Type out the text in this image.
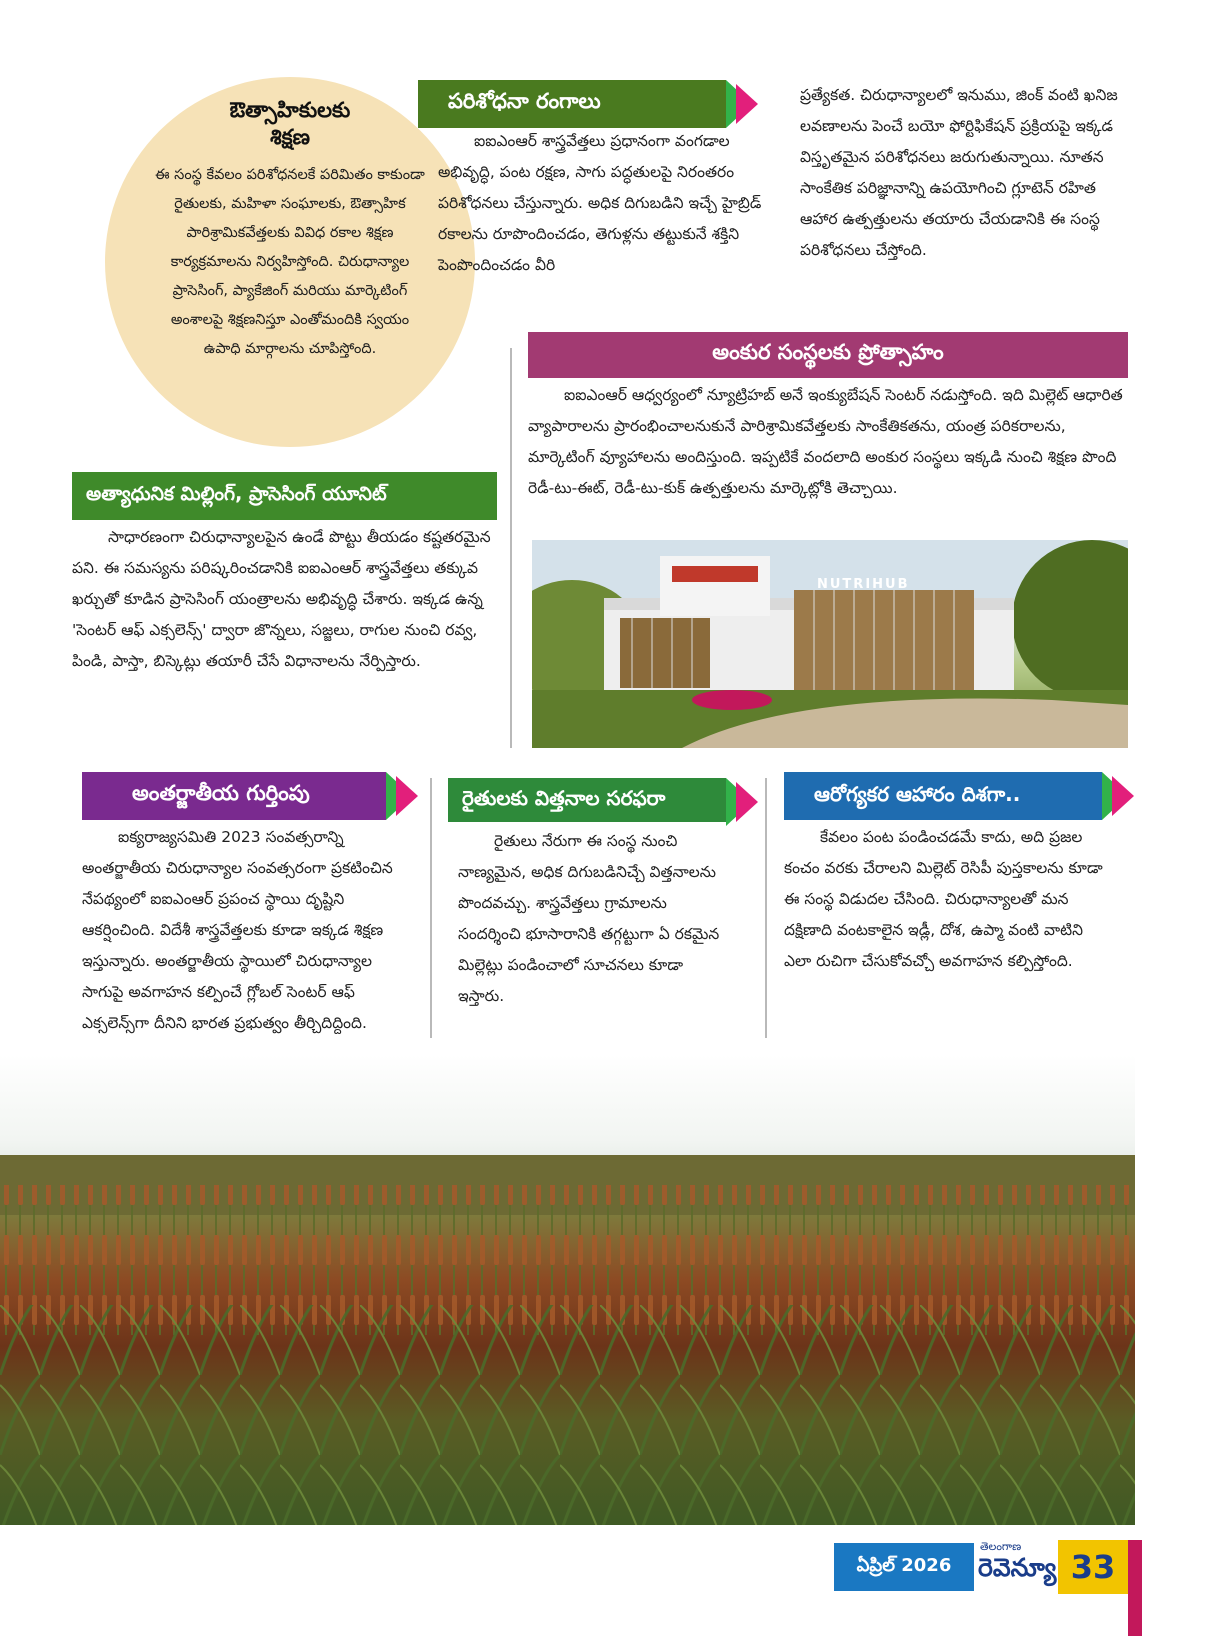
ఔత్సాహికులకు
శిక్షణ

ఈ సంస్థ కేవలం పరిశోధనలకే పరిమితం కాకుండా రైతులకు, మహిళా సంఘాలకు, ఔత్సాహిక పారిశ్రామికవేత్తలకు వివిధ రకాల శిక్షణ కార్యక్రమాలను నిర్వహిస్తోంది. చిరుధాన్యాల ప్రాసెసింగ్, ప్యాకేజింగ్ మరియు మార్కెటింగ్ అంశాలపై శిక్షణనిస్తూ ఎంతోమందికి స్వయం ఉపాధి మార్గాలను చూపిస్తోంది.

పరిశోధనా రంగాలు

ఐఐఎంఆర్ శాస్త్రవేత్తలు ప్రధానంగా వంగడాల అభివృద్ధి, పంట రక్షణ, సాగు పద్ధతులపై నిరంతరం పరిశోధనలు చేస్తున్నారు. అధిక దిగుబడిని ఇచ్చే హైబ్రిడ్ రకాలను రూపొందించడం, తెగుళ్లను తట్టుకునే శక్తిని పెంపొందించడం వీరి

ప్రత్యేకత. చిరుధాన్యాలలో ఇనుము, జింక్ వంటి ఖనిజ లవణాలను పెంచే బయో ఫోర్టిఫికేషన్ ప్రక్రియపై ఇక్కడ విస్తృతమైన పరిశోధనలు జరుగుతున్నాయి. నూతన సాంకేతిక పరిజ్ఞానాన్ని ఉపయోగించి గ్లూటెన్ రహిత ఆహార ఉత్పత్తులను తయారు చేయడానికి ఈ సంస్థ పరిశోధనలు చేస్తోంది.

అంకుర సంస్థలకు ప్రోత్సాహం

ఐఐఎంఆర్ ఆధ్వర్యంలో న్యూట్రిహబ్ అనే ఇంక్యుబేషన్ సెంటర్ నడుస్తోంది. ఇది మిల్లెట్ ఆధారిత వ్యాపారాలను ప్రారంభించాలనుకునే పారిశ్రామికవేత్తలకు సాంకేతికతను, యంత్ర పరికరాలను, మార్కెటింగ్ వ్యూహాలను అందిస్తుంది. ఇప్పటికే వందలాది అంకుర సంస్థలు ఇక్కడి నుంచి శిక్షణ పొంది రెడీ-టు-ఈట్, రెడీ-టు-కుక్ ఉత్పత్తులను మార్కెట్లోకి తెచ్చాయి.

NUTRIHUB
అత్యాధునిక మిల్లింగ్, ప్రాసెసింగ్ యూనిట్

సాధారణంగా చిరుధాన్యాలపైన ఉండే పొట్టు తీయడం కష్టతరమైన పని. ఈ సమస్యను పరిష్కరించడానికి ఐఐఎంఆర్ శాస్త్రవేత్తలు తక్కువ ఖర్చుతో కూడిన ప్రాసెసింగ్ యంత్రాలను అభివృద్ధి చేశారు. ఇక్కడ ఉన్న 'సెంటర్ ఆఫ్ ఎక్సలెన్స్' ద్వారా జొన్నలు, సజ్జలు, రాగుల నుంచి రవ్వ, పిండి, పాస్తా, బిస్కెట్లు తయారీ చేసే విధానాలను నేర్పిస్తారు.

అంతర్జాతీయ గుర్తింపు

ఐక్యరాజ్యసమితి 2023 సంవత్సరాన్ని అంతర్జాతీయ చిరుధాన్యాల సంవత్సరంగా ప్రకటించిన నేపథ్యంలో ఐఐఎంఆర్ ప్రపంచ స్థాయి దృష్టిని ఆకర్షించింది. విదేశీ శాస్త్రవేత్తలకు కూడా ఇక్కడ శిక్షణ ఇస్తున్నారు. అంతర్జాతీయ స్థాయిలో చిరుధాన్యాల సాగుపై అవగాహన కల్పించే గ్లోబల్ సెంటర్ ఆఫ్ ఎక్సలెన్స్‌గా దీనిని భారత ప్రభుత్వం తీర్చిదిద్దింది.

రైతులకు విత్తనాల సరఫరా

రైతులు నేరుగా ఈ సంస్థ నుంచి నాణ్యమైన, అధిక దిగుబడినిచ్చే విత్తనాలను పొందవచ్చు. శాస్త్రవేత్తలు గ్రామాలను సందర్శించి భూసారానికి తగ్గట్టుగా ఏ రకమైన మిల్లెట్లు పండించాలో సూచనలు కూడా ఇస్తారు.

ఆరోగ్యకర ఆహారం దిశగా..

కేవలం పంట పండించడమే కాదు, అది ప్రజల కంచం వరకు చేరాలని మిల్లెట్ రెసిపీ పుస్తకాలను కూడా ఈ సంస్థ విడుదల చేసింది. చిరుధాన్యాలతో మన దక్షిణాది వంటకాలైన ఇడ్లీ, దోశ, ఉప్మా వంటి వాటిని ఎలా రుచిగా చేసుకోవచ్చో అవగాహన కల్పిస్తోంది.

ఏప్రిల్ 2026
తెలంగాణ
రెవెన్యూ 33
